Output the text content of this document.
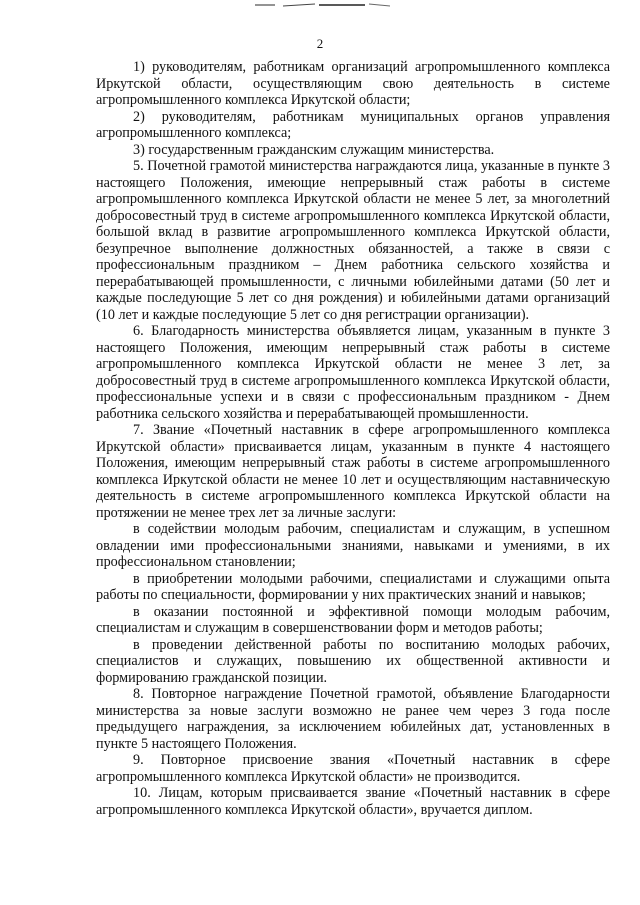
2

1) руководителям, работникам организаций агропромышленного комплекса Иркутской области, осуществляющим свою деятельность в системе агропромышленного комплекса Иркутской области;

2) руководителям, работникам муниципальных органов управления агропромышленного комплекса;

3) государственным гражданским служащим министерства.

5. Почетной грамотой министерства награждаются лица, указанные в пункте 3 настоящего Положения, имеющие непрерывный стаж работы в системе агропромышленного комплекса Иркутской области не менее 5 лет, за многолетний добросовестный труд в системе агропромышленного комплекса Иркутской области, большой вклад в развитие агропромышленного комплекса Иркутской области, безупречное выполнение должностных обязанностей, а также в связи с профессиональным праздником – Днем работника сельского хозяйства и перерабатывающей промышленности, с личными юбилейными датами (50 лет и каждые последующие 5 лет со дня рождения) и юбилейными датами организаций (10 лет и каждые последующие 5 лет со дня регистрации организации).

6. Благодарность министерства объявляется лицам, указанным в пункте 3 настоящего Положения, имеющим непрерывный стаж работы в системе агропромышленного комплекса Иркутской области не менее 3 лет, за добросовестный труд в системе агропромышленного комплекса Иркутской области, профессиональные успехи и в связи с профессиональным праздником - Днем работника сельского хозяйства и перерабатывающей промышленности.

7. Звание «Почетный наставник в сфере агропромышленного комплекса Иркутской области» присваивается лицам, указанным в пункте 4 настоящего Положения, имеющим непрерывный стаж работы в системе агропромышленного комплекса Иркутской области не менее 10 лет и осуществляющим наставническую деятельность в системе агропромышленного комплекса Иркутской области на протяжении не менее трех лет за личные заслуги:

в содействии молодым рабочим, специалистам и служащим, в успешном овладении ими профессиональными знаниями, навыками и умениями, в их профессиональном становлении;

в приобретении молодыми рабочими, специалистами и служащими опыта работы по специальности, формировании у них практических знаний и навыков;

в оказании постоянной и эффективной помощи молодым рабочим, специалистам и служащим в совершенствовании форм и методов работы;

в проведении действенной работы по воспитанию молодых рабочих, специалистов и служащих, повышению их общественной активности и формированию гражданской позиции.

8. Повторное награждение Почетной грамотой, объявление Благодарности министерства за новые заслуги возможно не ранее чем через 3 года после предыдущего награждения, за исключением юбилейных дат, установленных в пункте 5 настоящего Положения.

9. Повторное присвоение звания «Почетный наставник в сфере агропромышленного комплекса Иркутской области» не производится.

10. Лицам, которым присваивается звание «Почетный наставник в сфере агропромышленного комплекса Иркутской области», вручается диплом.
